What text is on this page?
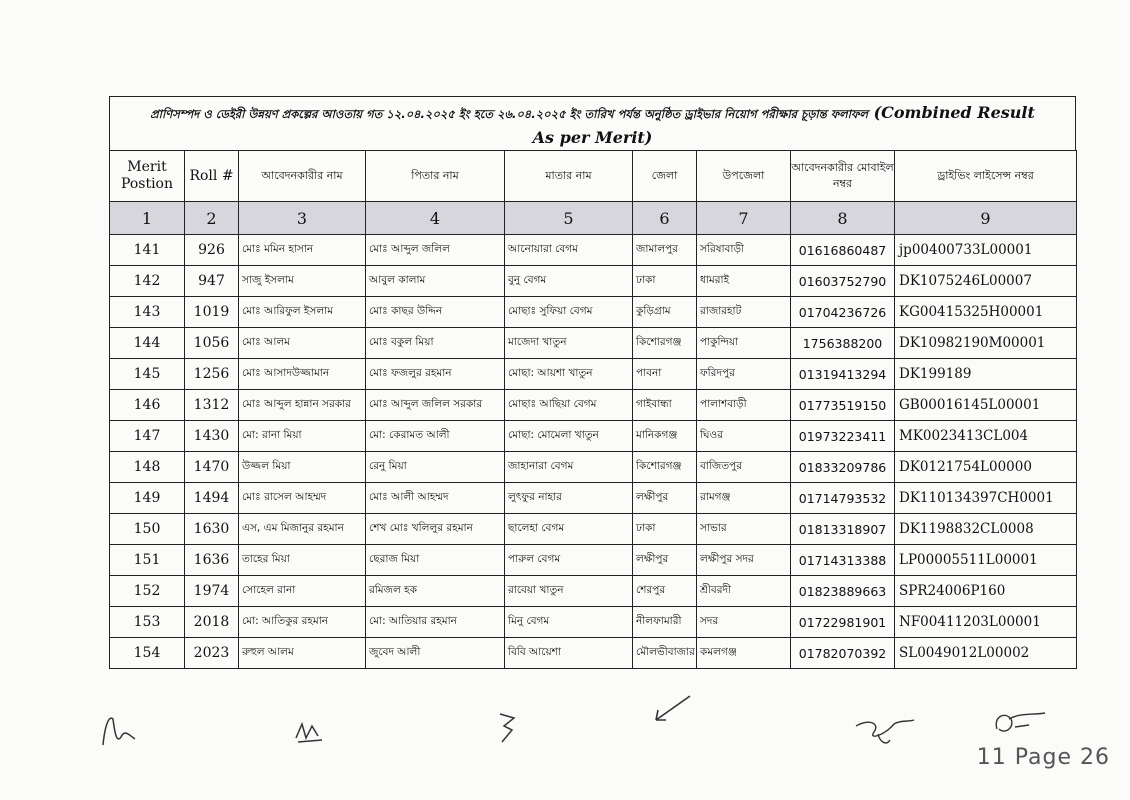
প্রাণিসম্পদ ও ডেইরী উন্নয়ণ প্রকল্পের আওতায় গত ১২.০৪.২০২৫ ইং হতে ২৬.০৪.২০২৫ ইং তারিখ পর্যন্ত অনুষ্ঠিত ড্রাইভার নিয়োগ পরীক্ষার চূড়ান্ত ফলাফল (Combined Result
As per Merit)
Merit Postion	Roll #	আবেদনকারীর নাম	পিতার নাম	মাতার নাম	জেলা	উপজেলা	আবেদনকারীর মোবাইল নম্বর	ড্রাইভিং লাইসেন্স নম্বর
1	2	3	4	5	6	7	8	9
141	926	মোঃ মমিন হাসান	মোঃ আব্দুল জলিল	আনোয়ারা বেগম	জামালপুর	সরিষাবাড়ী	01616860487	jp00400733L00001
142	947	সাজু ইসলাম	আবুল কালাম	বুনু বেগম	ঢাকা	ধামরাই	01603752790	DK1075246L00007
143	1019	মোঃ আরিফুল ইসলাম	মোঃ কাছর উদ্দিন	মোছাঃ সুফিয়া বেগম	কুড়িগ্রাম	রাজারহাট	01704236726	KG00415325H00001
144	1056	মোঃ আলম	মোঃ বকুল মিয়া	মাজেদা খাতুন	কিশোরগঞ্জ	পাকুন্দিয়া	1756388200	DK10982190M00001
145	1256	মোঃ আসাদউজ্জামান	মোঃ ফজলুর রহমান	মোছা: আয়শা খাতুন	পাবনা	ফরিদপুর	01319413294	DK199189
146	1312	মোঃ আব্দুল হান্নান সরকার	মোঃ আব্দুল জলিল সরকার	মোছাঃ আছিয়া বেগম	গাইবান্ধা	পালাশবাড়ী	01773519150	GB00016145L00001
147	1430	মো: রানা মিয়া	মো: কেরামত আলী	মোছা: মোমেলা খাতুন	মানিকগঞ্জ	ঘিওর	01973223411	MK0023413CL004
148	1470	উজ্জল মিয়া	রেনু মিয়া	জাহানারা বেগম	কিশোরগঞ্জ	বাজিতপুর	01833209786	DK0121754L00000
149	1494	মোঃ রাসেল আহম্মদ	মোঃ আলী আহম্মদ	লুৎফুর নাহার	লক্ষীপুর	রামগঞ্জ	01714793532	DK110134397CH0001
150	1630	এস, এম মিজানুর রহমান	শেখ মোঃ খলিলুর রহমান	ছালেহা বেগম	ঢাকা	সাভার	01813318907	DK1198832CL0008
151	1636	তাহের মিয়া	ছেরাজ মিয়া	পারুল বেগম	লক্ষীপুর	লক্ষীপুর সদর	01714313388	LP00005511L00001
152	1974	সোহেল রানা	রমিজল হক	রাবেয়া খাতুন	শেরপুর	শ্রীবরদী	01823889663	SPR24006P160
153	2018	মো: আতিকুর রহমান	মো: আতিয়ার রহমান	মিনু বেগম	নীলফামারী	সদর	01722981901	NF00411203L00001
154	2023	রুহুল আলম	জুবেদ আলী	বিবি আয়েশা	মৌলভীবাজার	কমলগঞ্জ	01782070392	SL0049012L00002
11 Page 26
